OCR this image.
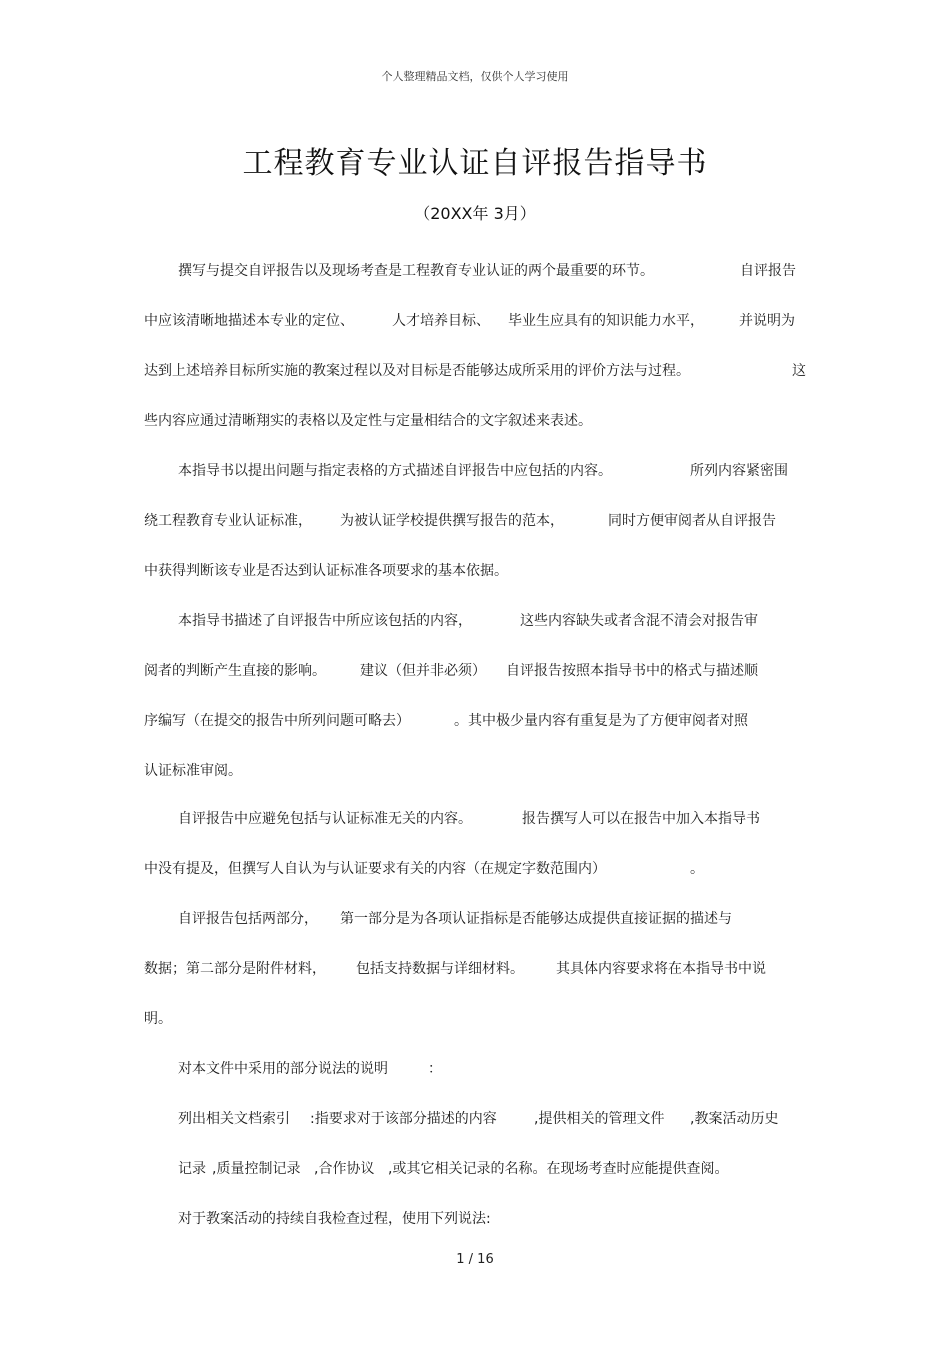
个人整理精品文档，仅供个人学习使用
工程教育专业认证自评报告指导书
（20XX年 3月）
撰写与提交自评报告以及现场考查是工程教育专业认证的两个最重要的环节。	自评报告
中应该清晰地描述本专业的定位、	人才培养目标、 毕业生应具有的知识能力水平，	并说明为
达到上述培养目标所实施的教案过程以及对目标是否能够达成所采用的评价方法与过程。	这
些内容应通过清晰翔实的表格以及定性与定量相结合的文字叙述来表述。
本指导书以提出问题与指定表格的方式描述自评报告中应包括的内容。	所列内容紧密围
绕工程教育专业认证标准， 为被认证学校提供撰写报告的范本，	同时方便审阅者从自评报告
中获得判断该专业是否达到认证标准各项要求的基本依据。
本指导书描述了自评报告中所应该包括的内容，	这些内容缺失或者含混不清会对报告审
阅者的判断产生直接的影响。 建议（但并非必须） 自评报告按照本指导书中的格式与描述顺
序编写（在提交的报告中所列问题可略去）	。其中极少量内容有重复是为了方便审阅者对照
认证标准审阅。
自评报告中应避免包括与认证标准无关的内容。	报告撰写人可以在报告中加入本指导书
中没有提及，但撰写人自认为与认证要求有关的内容（在规定字数范围内）	。
自评报告包括两部分， 第一部分是为各项认证指标是否能够达成提供直接证据的描述与
数据；第二部分是附件材料， 包括支持数据与详细材料。 其具体内容要求将在本指导书中说
明。
对本文件中采用的部分说法的说明	：
列出相关文档索引 :指要求对于该部分描述的内容	,提供相关的管理文件 ,教案活动历史
记录 ,质量控制记录 ,合作协议 ,或其它相关记录的名称。在现场考查时应能提供查阅。
对于教案活动的持续自我检查过程，使用下列说法:
1 / 16
